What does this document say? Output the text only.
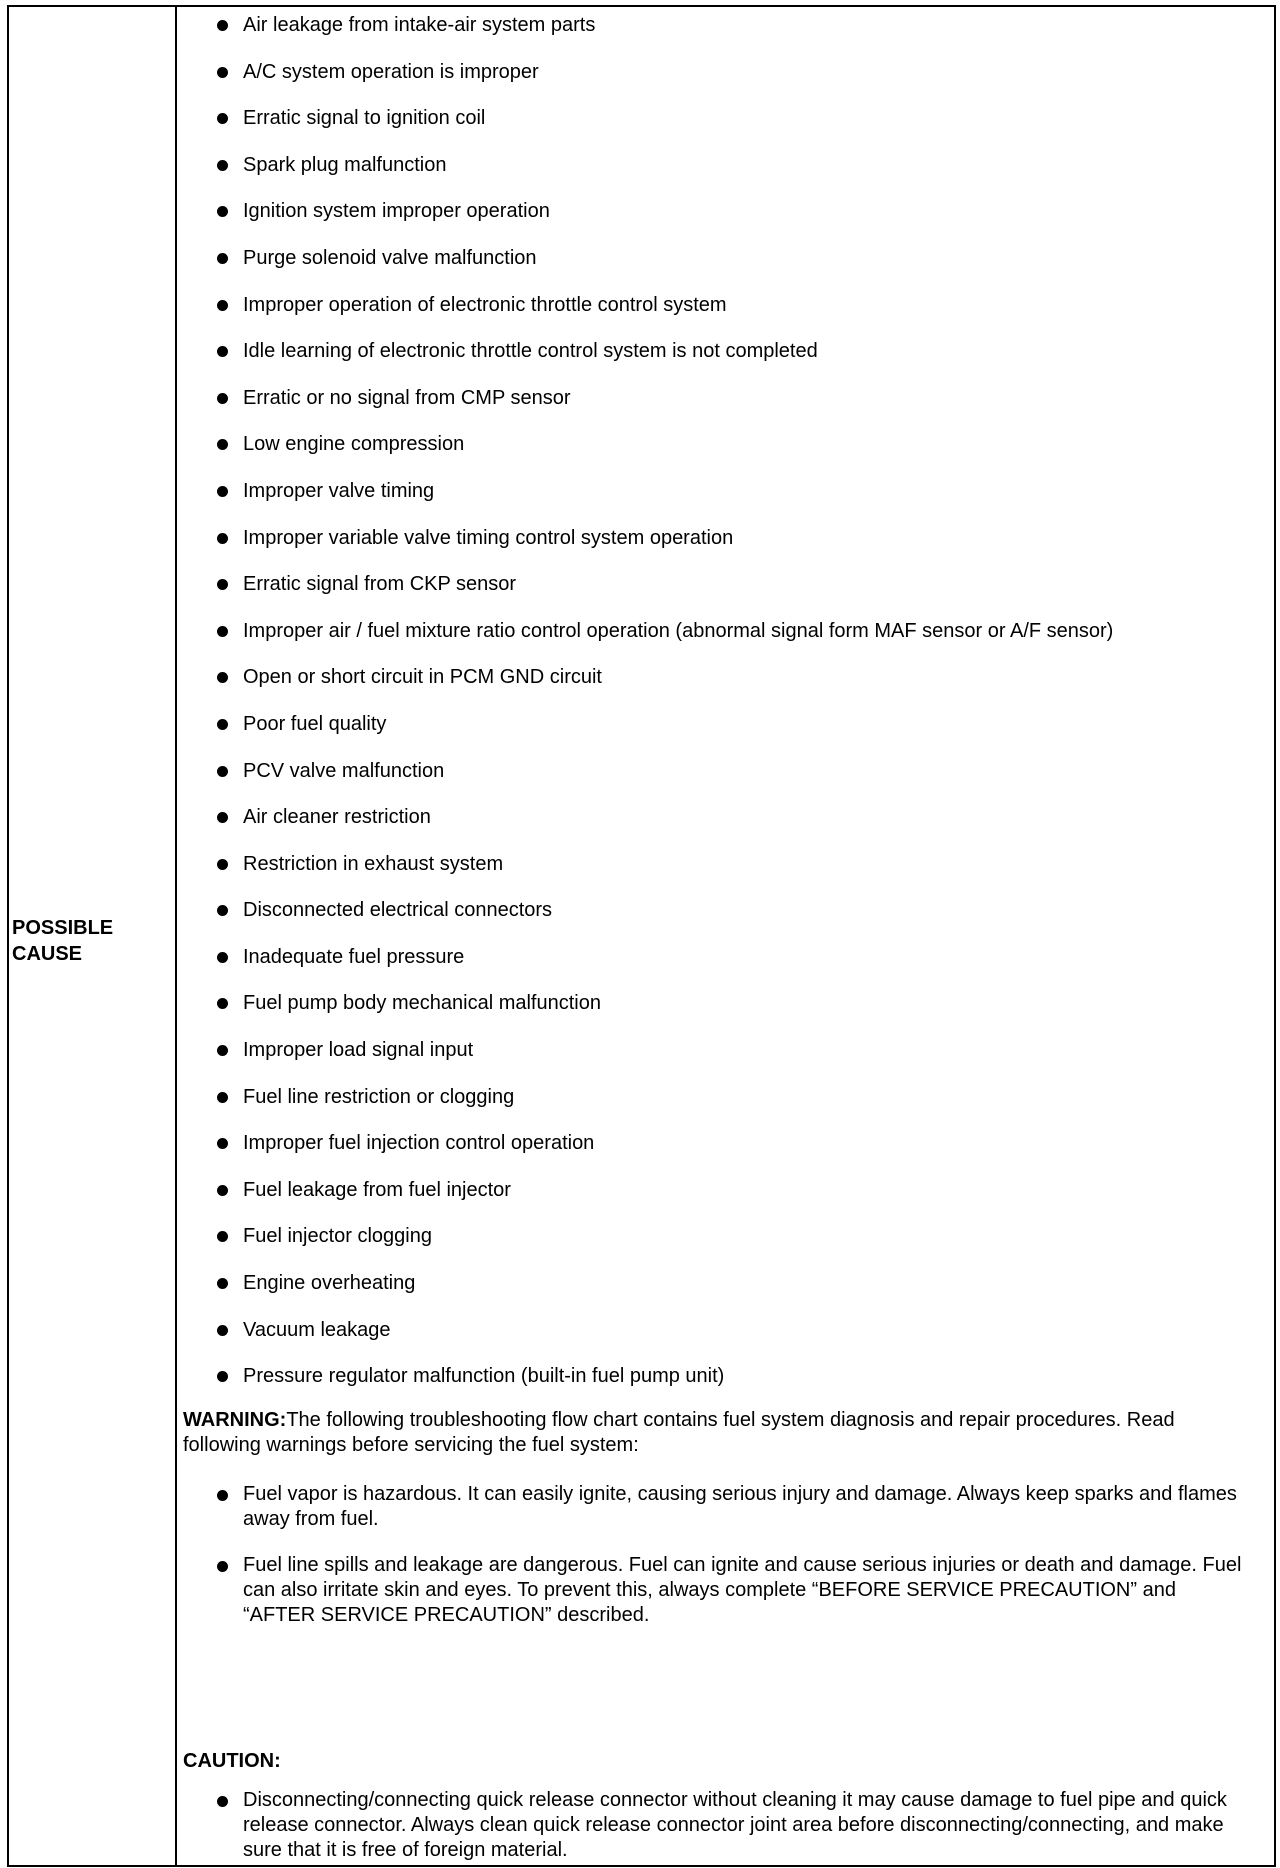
POSSIBLE
CAUSE
Air leakage from intake-air system parts
A/C system operation is improper
Erratic signal to ignition coil
Spark plug malfunction
Ignition system improper operation
Purge solenoid valve malfunction
Improper operation of electronic throttle control system
Idle learning of electronic throttle control system is not completed
Erratic or no signal from CMP sensor
Low engine compression
Improper valve timing
Improper variable valve timing control system operation
Erratic signal from CKP sensor
Improper air / fuel mixture ratio control operation (abnormal signal form MAF sensor or A/F sensor)
Open or short circuit in PCM GND circuit
Poor fuel quality
PCV valve malfunction
Air cleaner restriction
Restriction in exhaust system
Disconnected electrical connectors
Inadequate fuel pressure
Fuel pump body mechanical malfunction
Improper load signal input
Fuel line restriction or clogging
Improper fuel injection control operation
Fuel leakage from fuel injector
Fuel injector clogging
Engine overheating
Vacuum leakage
Pressure regulator malfunction (built-in fuel pump unit)
WARNING:The following troubleshooting flow chart contains fuel system diagnosis and repair procedures. Read following warnings before servicing the fuel system:
Fuel vapor is hazardous. It can easily ignite, causing serious injury and damage. Always keep sparks and flames away from fuel.
Fuel line spills and leakage are dangerous. Fuel can ignite and cause serious injuries or death and damage. Fuel can also irritate skin and eyes. To prevent this, always complete “BEFORE SERVICE PRECAUTION” and “AFTER SERVICE PRECAUTION” described.
CAUTION:
Disconnecting/connecting quick release connector without cleaning it may cause damage to fuel pipe and quick release connector. Always clean quick release connector joint area before disconnecting/connecting, and make sure that it is free of foreign material.
